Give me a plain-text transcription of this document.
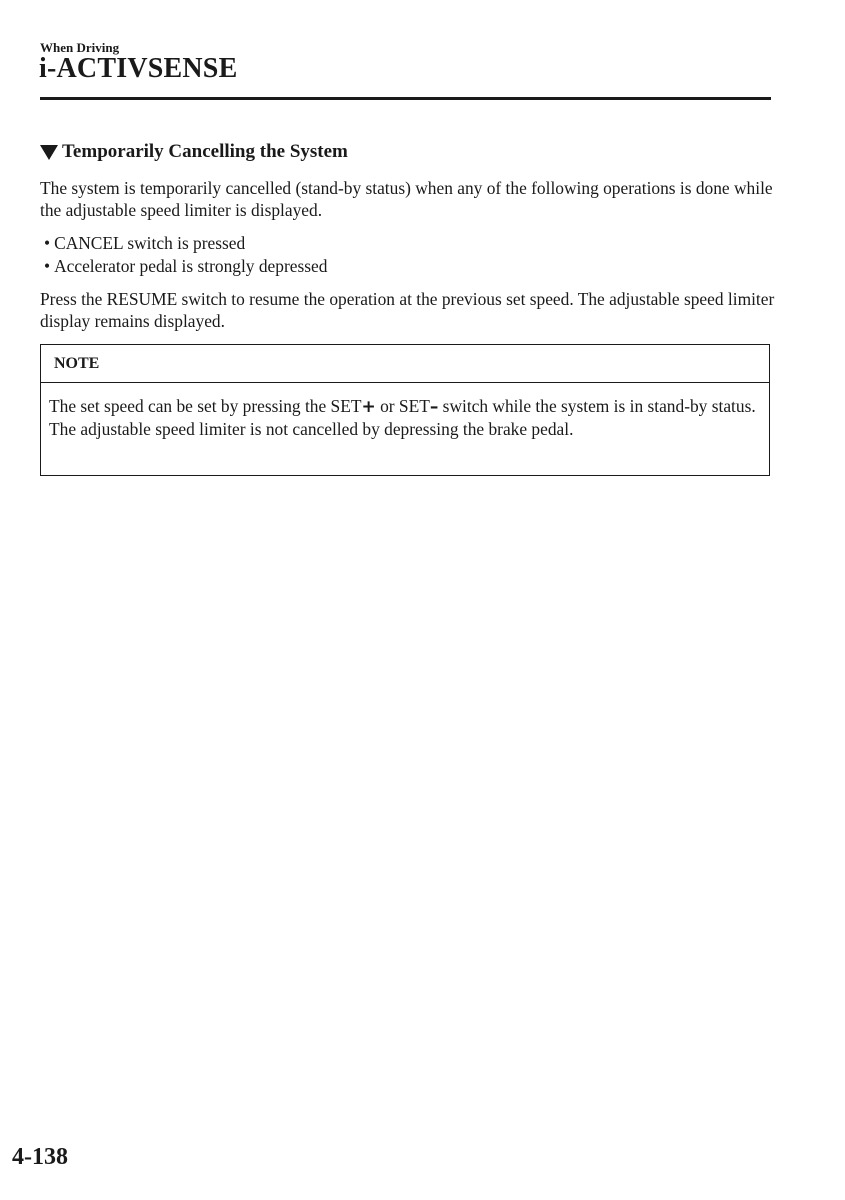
When Driving
i-ACTIVSENSE
Temporarily Cancelling the System
The system is temporarily cancelled (stand-by status) when any of the following operations is done while the adjustable speed limiter is displayed.
• CANCEL switch is pressed
• Accelerator pedal is strongly depressed
Press the RESUME switch to resume the operation at the previous set speed. The adjustable speed limiter display remains displayed.
NOTE
The set speed can be set by pressing the SET+ or SET– switch while the system is in stand-by status.
The adjustable speed limiter is not cancelled by depressing the brake pedal.
4-138
